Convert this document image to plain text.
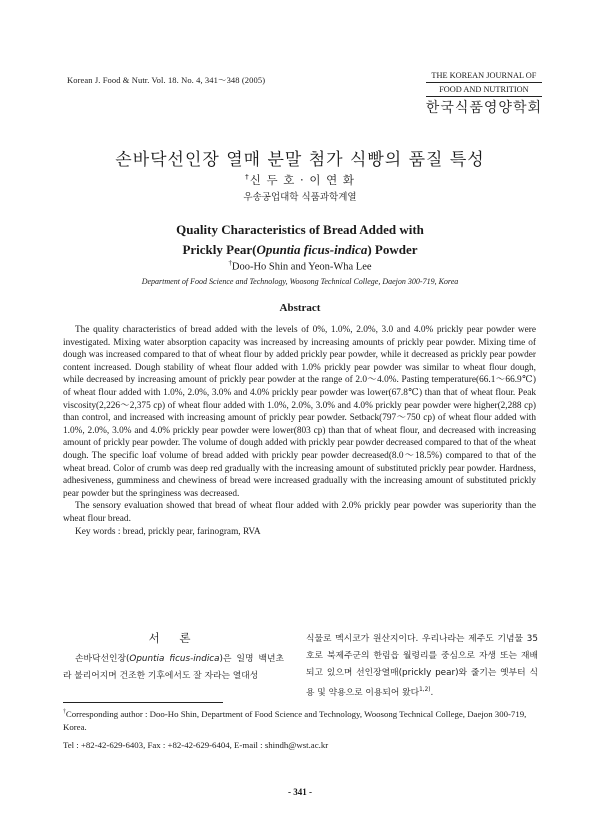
Korean J. Food & Nutr. Vol. 18. No. 4, 341～348 (2005)	THE KOREAN JOURNAL OF
FOOD AND NUTRITION
한국식품영양학회
손바닥선인장 열매 분말 첨가 식빵의 품질 특성
†신 두 호 · 이 연 화
우송공업대학 식품과학계열
Quality Characteristics of Bread Added with
Prickly Pear(Opuntia ficus-indica) Powder
†Doo-Ho Shin and Yeon-Wha Lee
Department of Food Science and Technology, Woosong Technical College, Daejon 300-719, Korea
Abstract

The quality characteristics of bread added with the levels of 0%, 1.0%, 2.0%, 3.0 and 4.0% prickly pear powder were investigated. Mixing water absorption capacity was increased by increasing amounts of prickly pear powder. Mixing time of dough was increased compared to that of wheat flour by added prickly pear powder, while it decreased as prickly pear powder content increased. Dough stability of wheat flour added with 1.0% prickly pear powder was similar to wheat flour dough, while decreased by increasing amount of prickly pear powder at the range of 2.0～4.0%. Pasting temperature(66.1～66.9℃) of wheat flour added with 1.0%, 2.0%, 3.0% and 4.0% prickly pear powder was lower(67.8℃) than that of wheat flour. Peak viscosity(2,226～2,375 cp) of wheat flour added with 1.0%, 2.0%, 3.0% and 4.0% prickly pear powder were higher(2,288 cp) than control, and increased with increasing amount of prickly pear powder. Setback(797～750 cp) of wheat flour added with 1.0%, 2.0%, 3.0% and 4.0% prickly pear powder were lower(803 cp) than that of wheat flour, and decreased with increasing amount of prickly pear powder. The volume of dough added with prickly pear powder decreased compared to that of the wheat dough. The specific loaf volume of bread added with prickly pear powder decreased(8.0～18.5%) compared to that of the wheat bread. Color of crumb was deep red gradually with the increasing amount of substituted prickly pear powder. Hardness, adhesiveness, gumminess and chewiness of bread were increased gradually with the increasing amount of substituted prickly pear powder but the springiness was decreased.

The sensory evaluation showed that bread of wheat flour added with 2.0% prickly pear powder was superiority than the wheat flour bread.

Key words : bread, prickly pear, farinogram, RVA

서 론

손바닥선인장(Opuntia ficus-indica)은 일명 백년초라 불리어지며 건조한 기후에서도 잘 자라는 열대성

식물로 멕시코가 원산지이다. 우리나라는 제주도 기념물 35호로 북제주군의 한림읍 월령리를 중심으로 자생 또는 재배되고 있으며 선인장열매(prickly pear)와 줄기는 옛부터 식용 및 약용으로 이용되어 왔다$^{1,2)}$.

†Corresponding author : Doo-Ho Shin, Department of Food Science and Technology, Woosong Technical College, Daejon 300-719, Korea.
Tel : +82-42-629-6403, Fax : +82-42-629-6404, E-mail : shindh@wst.ac.kr
- 341 -
